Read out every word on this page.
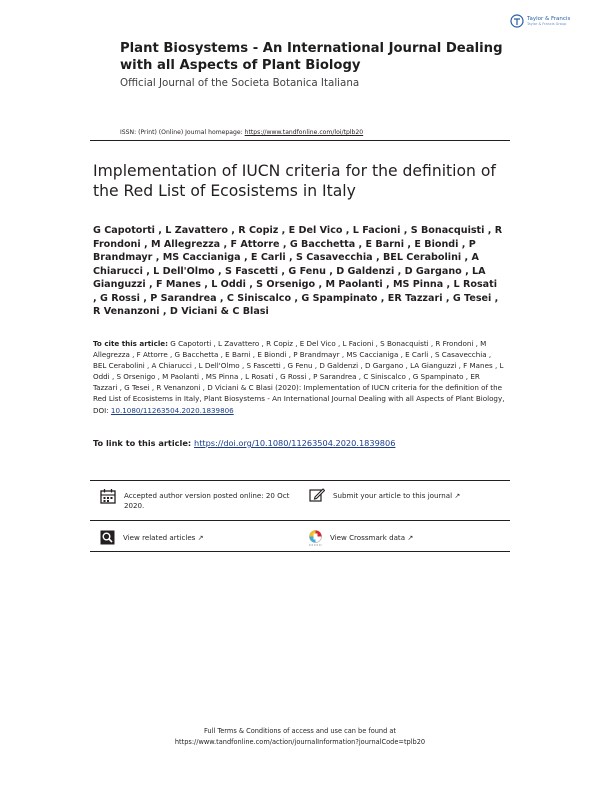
Taylor & Francis
Taylor & Francis Group
Plant Biosystems - An International Journal Dealing with all Aspects of Plant Biology
Official Journal of the Societa Botanica Italiana
ISSN: (Print) (Online) Journal homepage: https://www.tandfonline.com/loi/tplb20
Implementation of IUCN criteria for the definition of the Red List of Ecosistems in Italy
G Capotorti , L Zavattero , R Copiz , E Del Vico , L Facioni , S Bonacquisti , R Frondoni , M Allegrezza , F Attorre , G Bacchetta , E Barni , E Biondi , P Brandmayr , MS Caccianiga , E Carli , S Casavecchia , BEL Cerabolini , A Chiarucci , L Dell'Olmo , S Fascetti , G Fenu , D Galdenzi , D Gargano , LA Gianguzzi , F Manes , L Oddi , S Orsenigo , M Paolanti , MS Pinna , L Rosati , G Rossi , P Sarandrea , C Siniscalco , G Spampinato , ER Tazzari , G Tesei , R Venanzoni , D Viciani & C Blasi
To cite this article: G Capotorti , L Zavattero , R Copiz , E Del Vico , L Facioni , S Bonacquisti , R Frondoni , M Allegrezza , F Attorre , G Bacchetta , E Barni , E Biondi , P Brandmayr , MS Caccianiga , E Carli , S Casavecchia , BEL Cerabolini , A Chiarucci , L Dell'Olmo , S Fascetti , G Fenu , D Galdenzi , D Gargano , LA Gianguzzi , F Manes , L Oddi , S Orsenigo , M Paolanti , MS Pinna , L Rosati , G Rossi , P Sarandrea , C Siniscalco , G Spampinato , ER Tazzari , G Tesei , R Venanzoni , D Viciani & C Blasi (2020): Implementation of IUCN criteria for the definition of the Red List of Ecosistems in Italy, Plant Biosystems - An International Journal Dealing with all Aspects of Plant Biology, DOI: 10.1080/11263504.2020.1839806
To link to this article: https://doi.org/10.1080/11263504.2020.1839806
Accepted author version posted online: 20 Oct 2020.
Submit your article to this journal ↗
View related articles ↗	View Crossmark data ↗
Full Terms & Conditions of access and use can be found at
https://www.tandfonline.com/action/journalInformation?journalCode=tplb20
